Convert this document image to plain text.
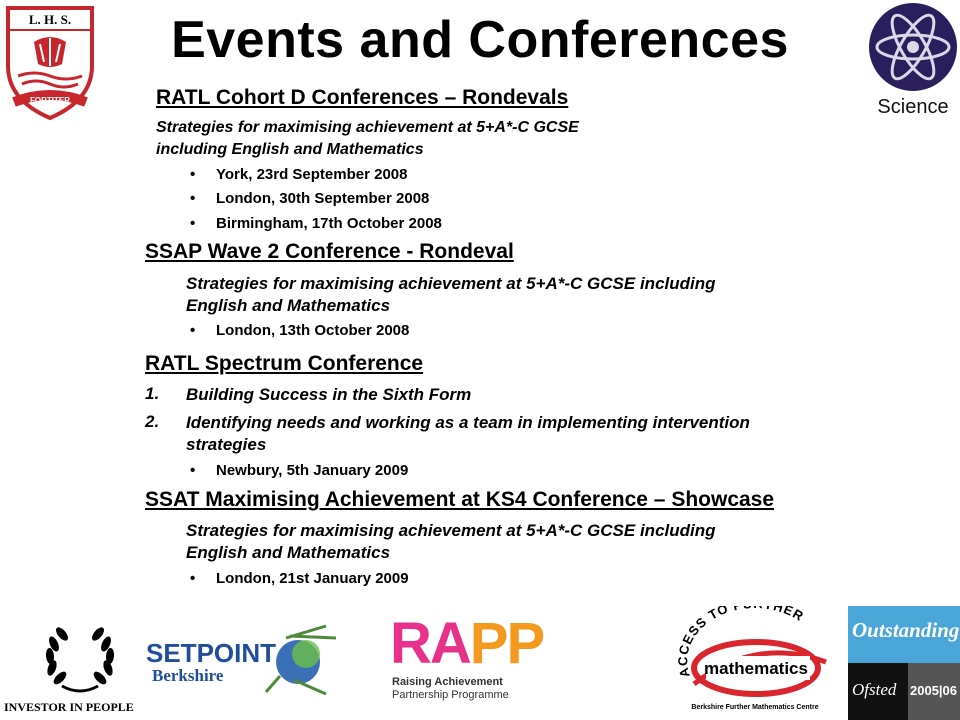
L. H. S.
FORTITER	Science
Events and Conferences
RATL Cohort D Conferences – Rondevals
Strategies for maximising achievement at 5+A*-C GCSE
including English and Mathematics
• York, 23rd September 2008
• London, 30th September 2008
• Birmingham, 17th October 2008
SSAP Wave 2 Conference - Rondeval
Strategies for maximising achievement at 5+A*-C GCSE including
English and Mathematics
• London, 13th October 2008
RATL Spectrum Conference
1. Building Success in the Sixth Form
2. Identifying needs and working as a team in implementing intervention
strategies
• Newbury, 5th January 2009
SSAT Maximising Achievement at KS4 Conference – Showcase
Strategies for maximising achievement at 5+A*-C GCSE including
English and Mathematics
• London, 21st January 2009
INVESTOR IN PEOPLE
SETPOINT
Berkshire	RAPP
Raising Achievement
Partnership Programme
ACCESS TO HER
mathematics
Berkshire Further Mathematics Centre
Outstanding
Ofsted 2005|06
